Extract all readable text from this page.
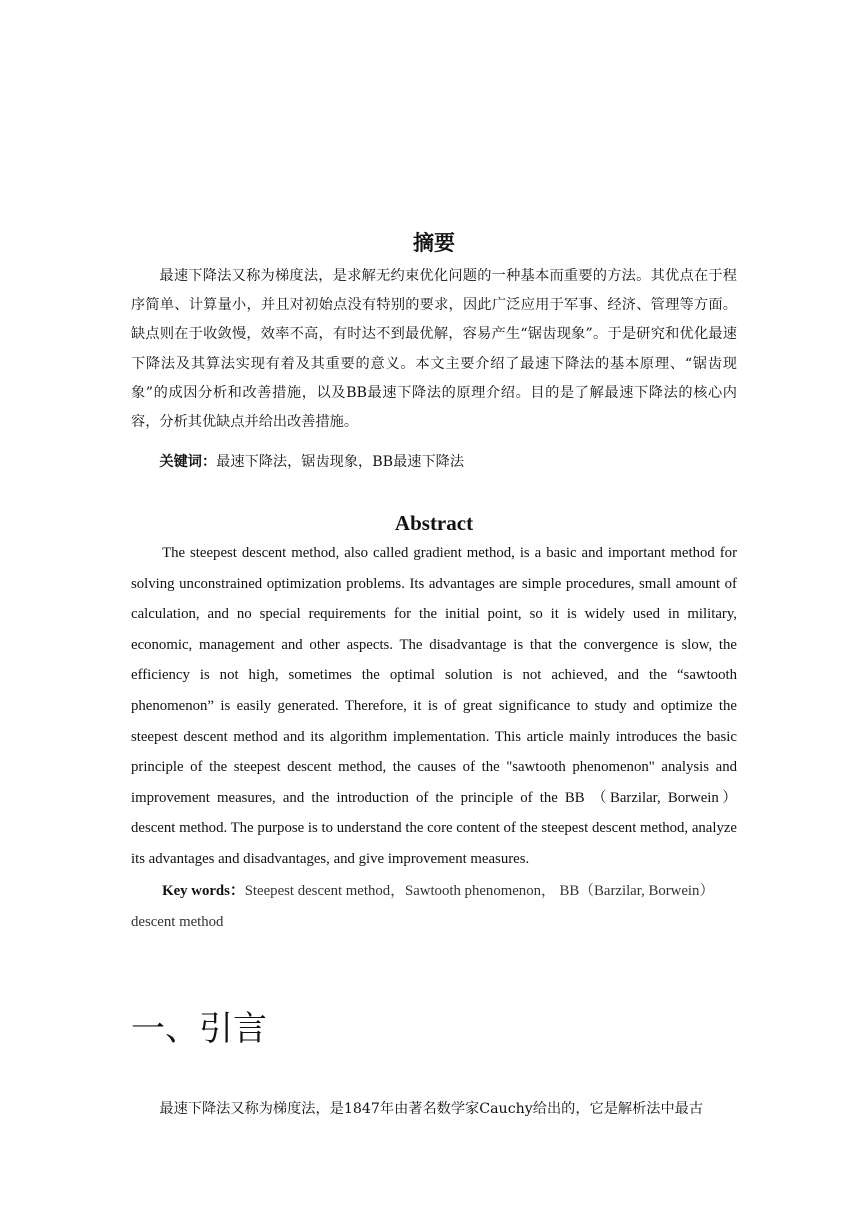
摘要

最速下降法又称为梯度法，是求解无约束优化问题的一种基本而重要的方法。其优点在于程序简单、计算量小，并且对初始点没有特别的要求，因此广泛应用于军事、经济、管理等方面。缺点则在于收敛慢，效率不高，有时达不到最优解，容易产生“锯齿现象”。于是研究和优化最速下降法及其算法实现有着及其重要的意义。本文主要介绍了最速下降法的基本原理、“锯齿现象”的成因分析和改善措施，以及BB最速下降法的原理介绍。目的是了解最速下降法的核心内容，分析其优缺点并给出改善措施。

关键词：最速下降法，锯齿现象，BB最速下降法

Abstract

The steepest descent method, also called gradient method, is a basic and important method for solving unconstrained optimization problems. Its advantages are simple procedures, small amount of calculation, and no special requirements for the initial point, so it is widely used in military, economic, management and other aspects. The disadvantage is that the convergence is slow, the efficiency is not high, sometimes the optimal solution is not achieved, and the “sawtooth phenomenon” is easily generated. Therefore, it is of great significance to study and optimize the steepest descent method and its algorithm implementation. This article mainly introduces the basic principle of the steepest descent method, the causes of the "sawtooth phenomenon" analysis and improvement measures, and the introduction of the principle of the BB （Barzilar, Borwein） descent method. The purpose is to understand the core content of the steepest descent method, analyze its advantages and disadvantages, and give improvement measures.

Key words：Steepest descent method，Sawtooth phenomenon， BB（Barzilar, Borwein） descent method

一、引言

最速下降法又称为梯度法，是1847年由著名数学家Cauchy给出的，它是解析法中最古
